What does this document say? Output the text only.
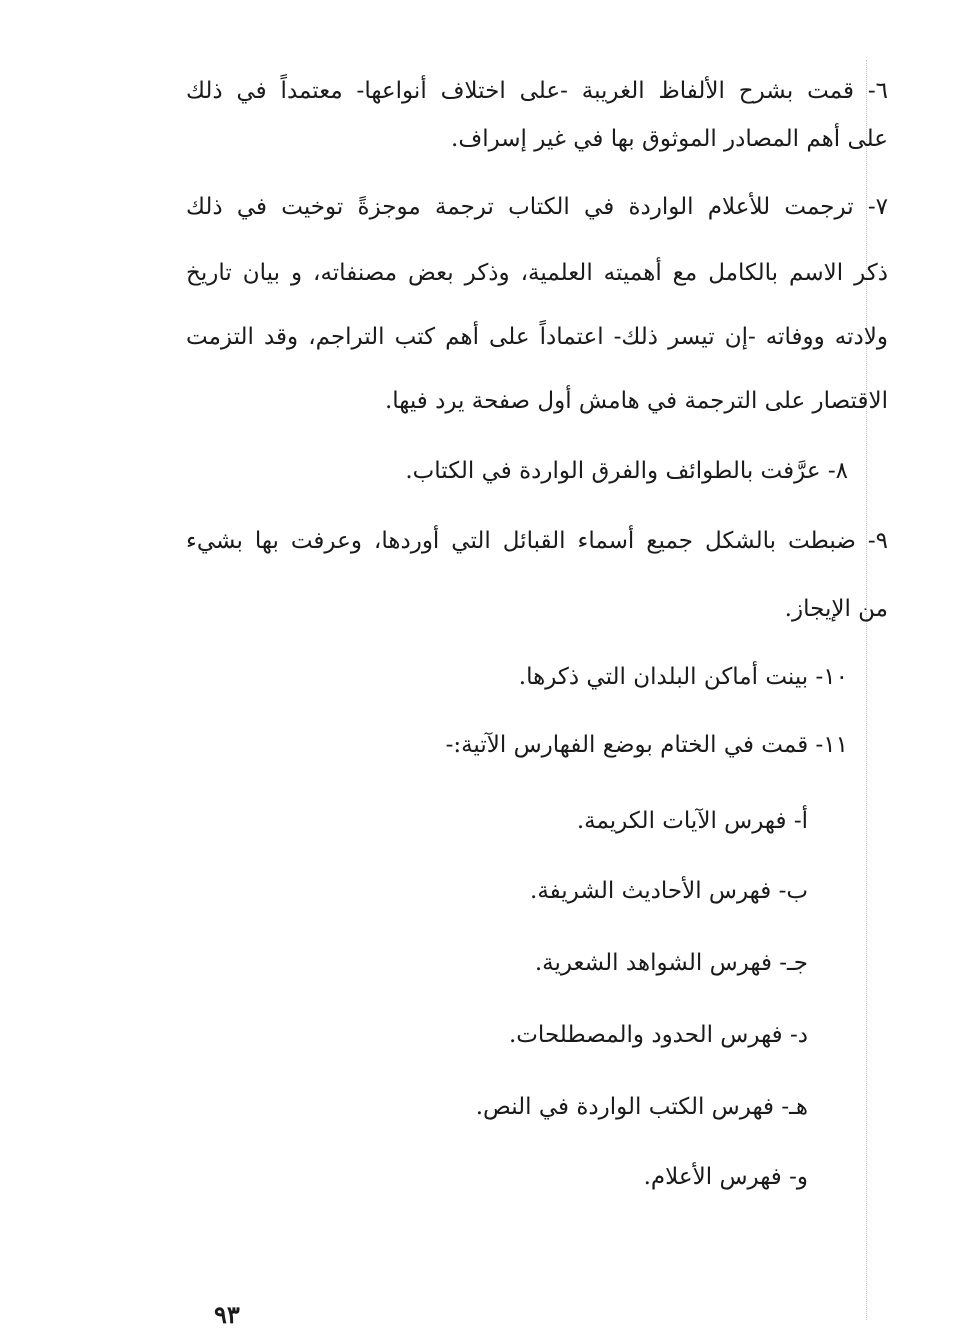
٦- قمت بشرح الألفاظ الغريبة -على اختلاف أنواعها- معتمداً في ذلك
على أهم المصادر الموثوق بها في غير إسراف.
٧- ترجمت للأعلام الواردة في الكتاب ترجمة موجزةً توخيت في ذلك
ذكر الاسم بالكامل مع أهميته العلمية، وذكر بعض مصنفاته، و بيان تاريخ
ولادته ووفاته -إن تيسر ذلك- اعتماداً على أهم كتب التراجم، وقد التزمت
الاقتصار على الترجمة في هامش أول صفحة يرد فيها.
٨- عرَّفت بالطوائف والفرق الواردة في الكتاب.
٩- ضبطت بالشكل جميع أسماء القبائل التي أوردها، وعرفت بها بشيء
من الإيجاز.
١٠- بينت أماكن البلدان التي ذكرها.
١١- قمت في الختام بوضع الفهارس الآتية:-
أ- فهرس الآيات الكريمة.
ب- فهرس الأحاديث الشريفة.
جـ- فهرس الشواهد الشعرية.
د- فهرس الحدود والمصطلحات.
هـ- فهرس الكتب الواردة في النص.
و- فهرس الأعلام.
٩٣
